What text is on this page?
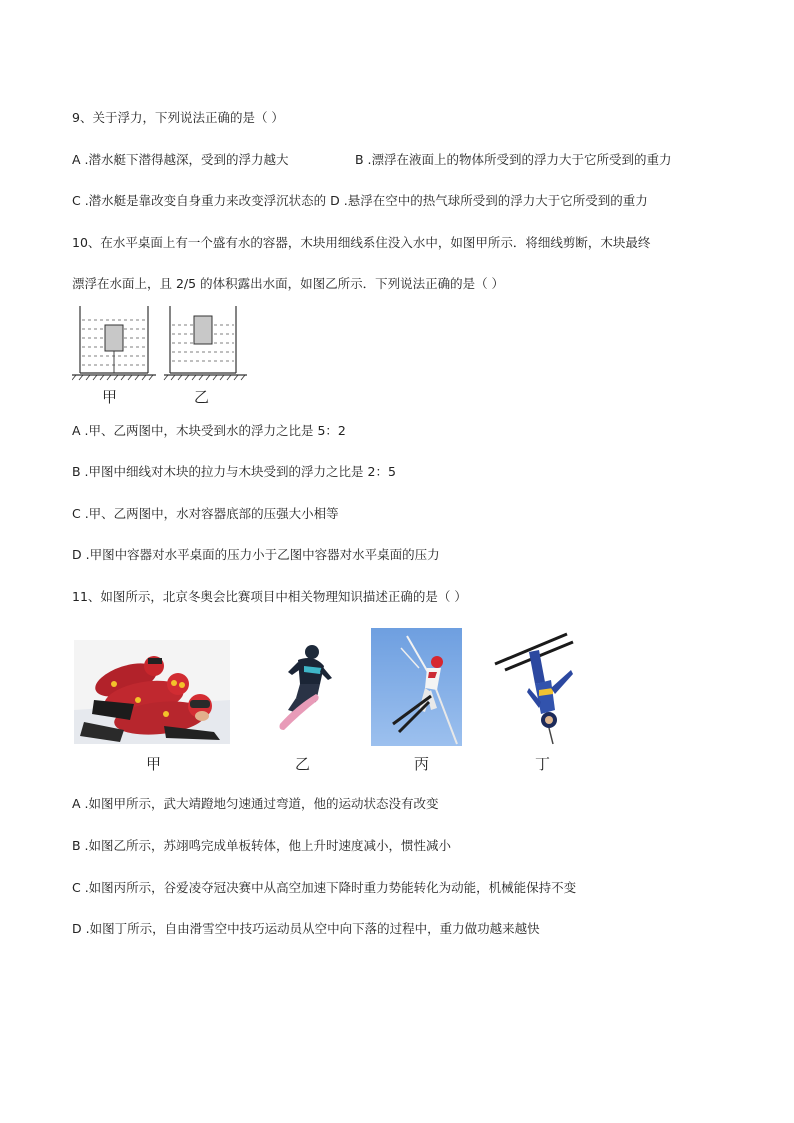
9、关于浮力，下列说法正确的是（ ）
A .潜水艇下潜得越深，受到的浮力越大	B .漂浮在液面上的物体所受到的浮力大于它所受到的重力
C .潜水艇是靠改变自身重力来改变浮沉状态的 D .悬浮在空中的热气球所受到的浮力大于它所受到的重力
10、在水平桌面上有一个盛有水的容器，木块用细线系住没入水中，如图甲所示．将细线剪断，木块最终
漂浮在水面上，且 2/5 的体积露出水面，如图乙所示．下列说法正确的是（ ）
甲	乙
A .甲、乙两图中，木块受到水的浮力之比是 5：2
B .甲图中细线对木块的拉力与木块受到的浮力之比是 2：5
C .甲、乙两图中，水对容器底部的压强大小相等
D .甲图中容器对水平桌面的压力小于乙图中容器对水平桌面的压力
11、如图所示，北京冬奥会比赛项目中相关物理知识描述正确的是（ ）
甲	乙	丙	丁
A .如图甲所示，武大靖蹬地匀速通过弯道，他的运动状态没有改变
B .如图乙所示，苏翊鸣完成单板转体，他上升时速度减小，惯性减小
C .如图丙所示，谷爱凌夺冠决赛中从高空加速下降时重力势能转化为动能，机械能保持不变
D .如图丁所示，自由滑雪空中技巧运动员从空中向下落的过程中，重力做功越来越快
